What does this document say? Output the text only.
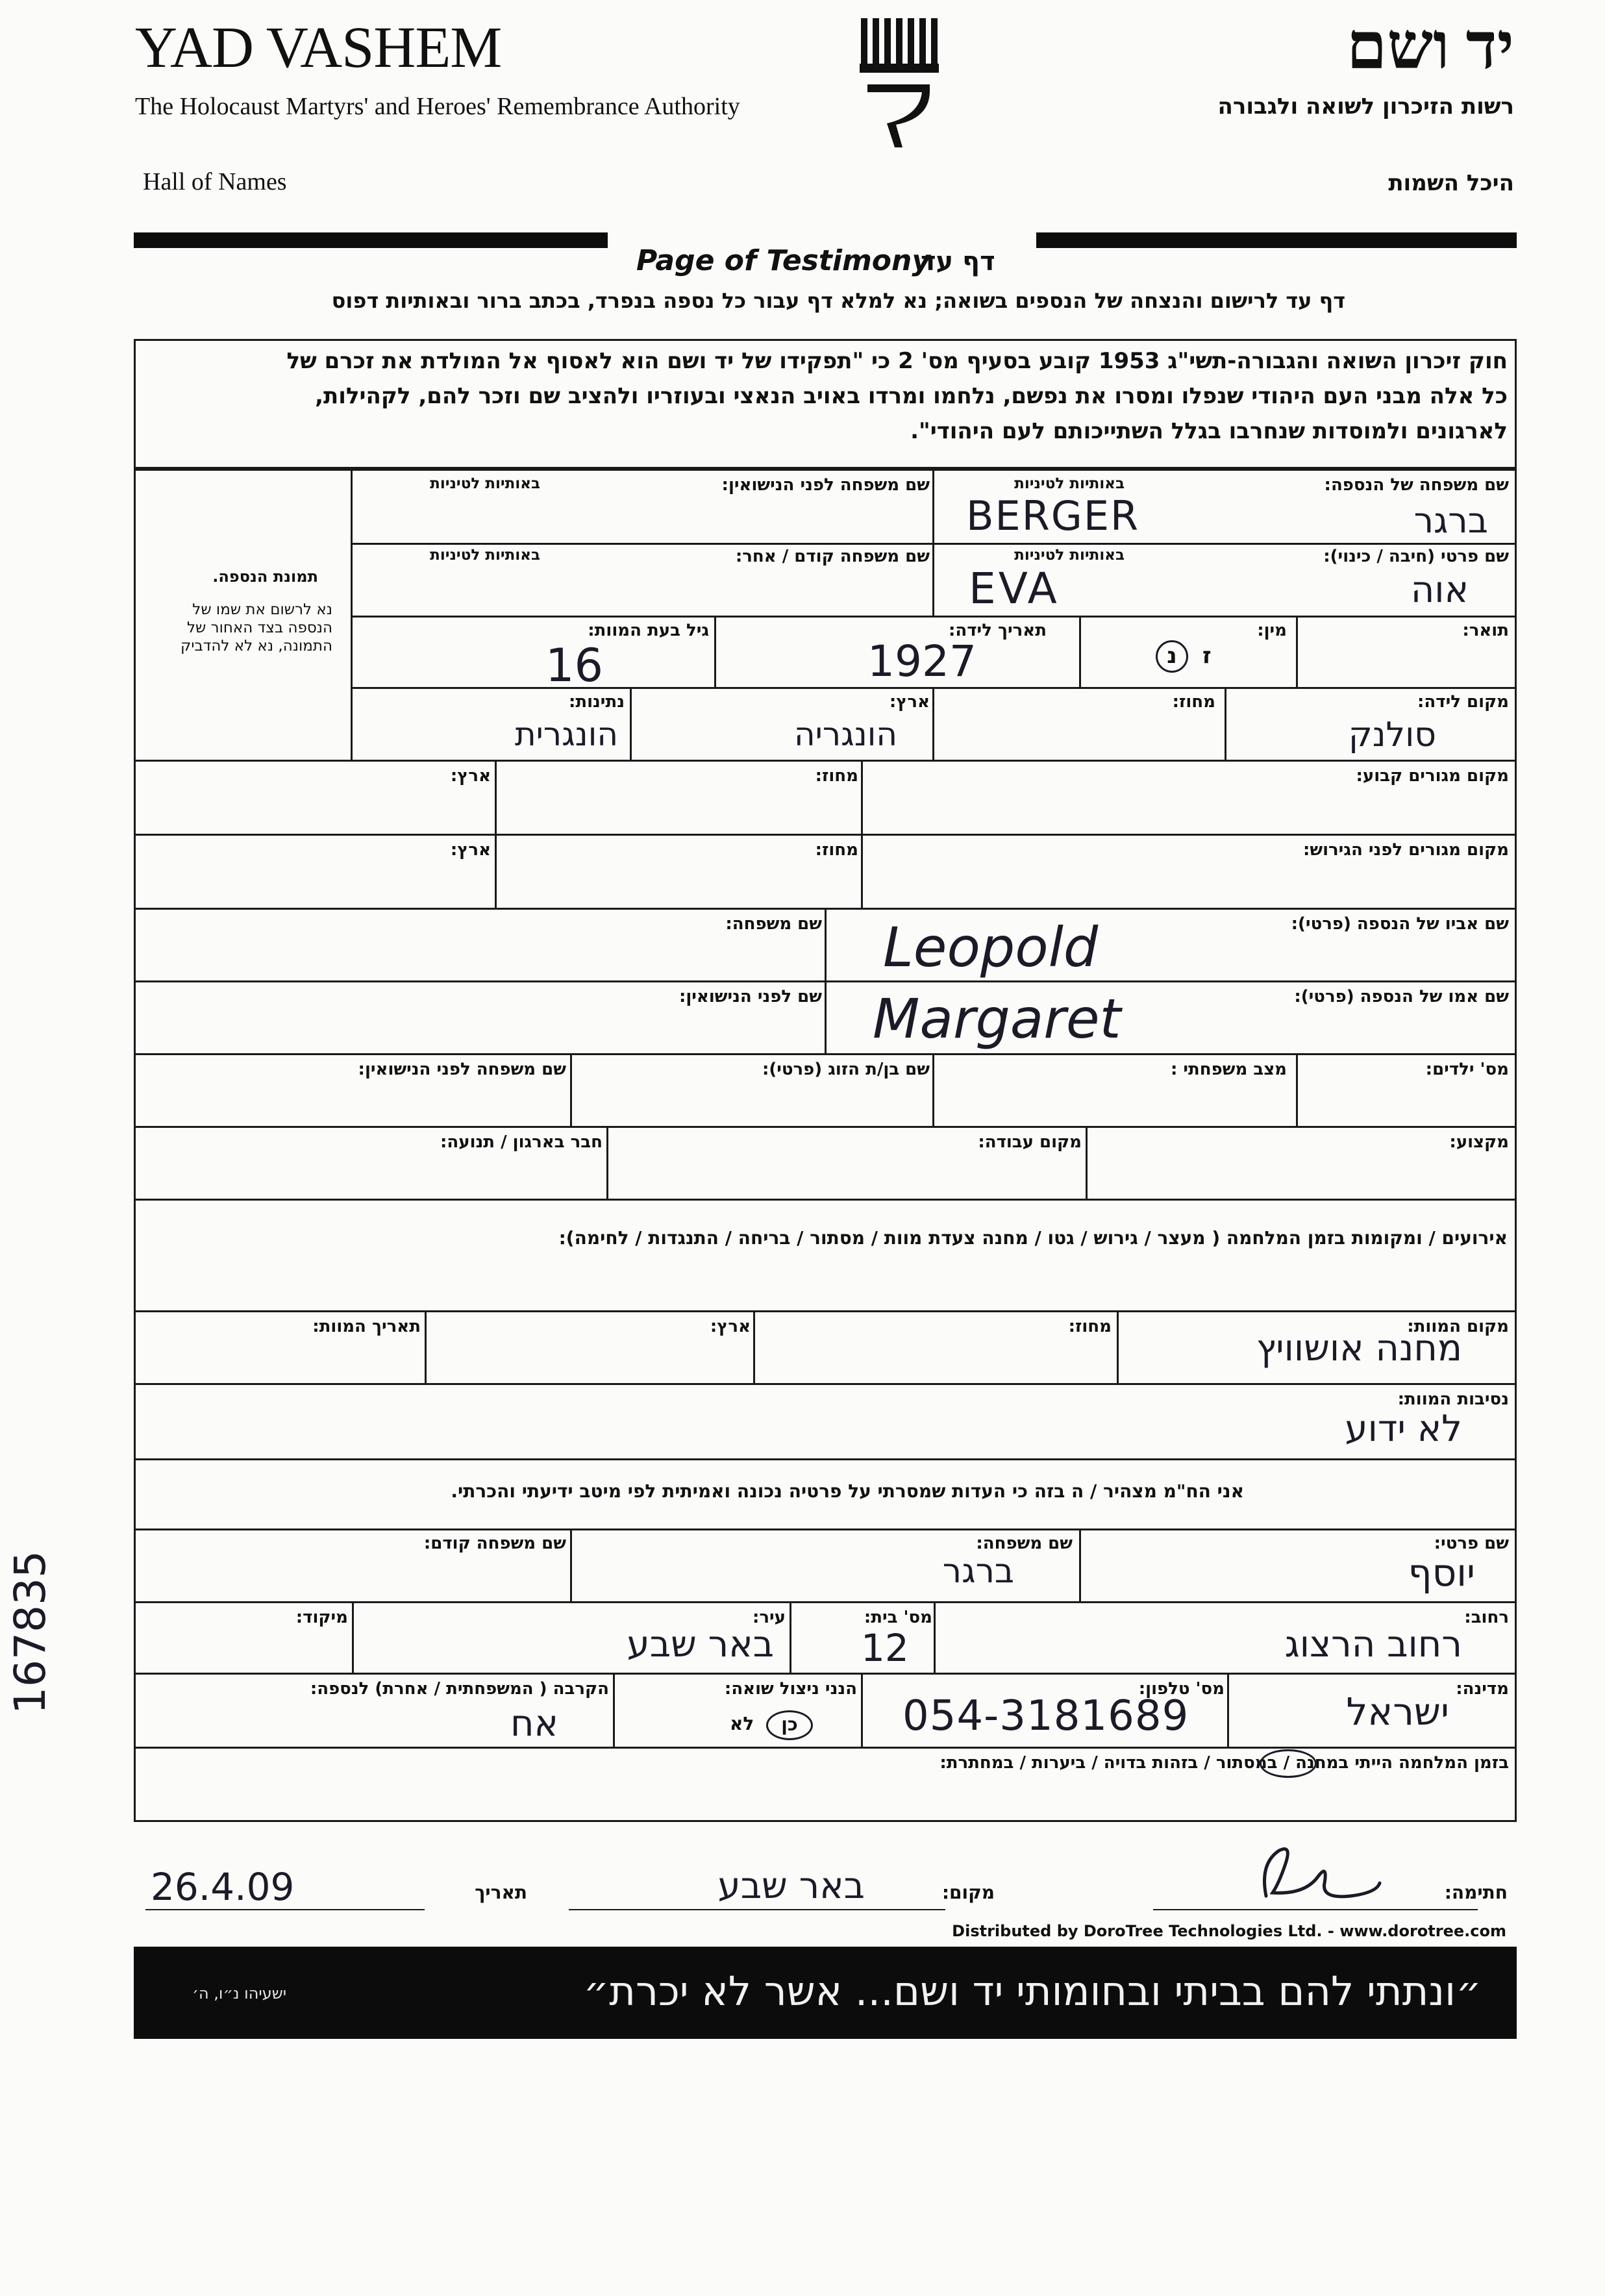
YAD VASHEM
The Holocaust Martyrs' and Heroes' Remembrance Authority
Hall of Names
יד ושם
רשות הזיכרון לשואה ולגבורה
היכל השמות
Page of Testimony
דף עד
דף עד לרישום והנצחה של הנספים בשואה; נא למלא דף עבור כל נספה בנפרד, בכתב ברור ובאותיות דפוס
חוק זיכרון השואה והגבורה-תשי"ג 1953 קובע בסעיף מס' 2 כי "תפקידו של יד ושם הוא לאסוף אל המולדת את זכרם של
כל אלה מבני העם היהודי שנפלו ומסרו את נפשם, נלחמו ומרדו באויב הנאצי ובעוזריו ולהציב שם וזכר להם, לקהילות,
לארגונים ולמוסדות שנחרבו בגלל השתייכותם לעם היהודי".
תמונת הנספה.
נא לרשום את שמו של
הנספה בצד האחור של
התמונה, נא לא להדביק
שם משפחה של הנספה:
באותיות לטיניות
שם משפחה לפני הנישואין:
באותיות לטיניות
ברגר
BERGER
שם פרטי (חיבה / כינוי):
באותיות לטיניות
שם משפחה קודם / אחר:
באותיות לטיניות
אוה
EVA
תואר:
מין:
נ	ז
תאריך לידה:
1927
גיל בעת המוות:
16
מקום לידה:
סולנק
מחוז:
ארץ:
הונגריה
נתינות:
הונגרית
מקום מגורים קבוע:
מחוז:
ארץ:
מקום מגורים לפני הגירוש:
מחוז:
ארץ:
שם אביו של הנספה (פרטי):
Leopold
שם משפחה:
שם אמו של הנספה (פרטי):
Margaret
שם לפני הנישואין:
מס' ילדים:
מצב משפחתי :
שם בן/ת הזוג (פרטי):
שם משפחה לפני הנישואין:
מקצוע:
מקום עבודה:
חבר בארגון / תנועה:
אירועים / ומקומות בזמן המלחמה ( מעצר / גירוש / גטו / מחנה צעדת מוות / מסתור / בריחה / התנגדות / לחימה):
מקום המוות:
מחנה אושוויץ
מחוז:
ארץ:
תאריך המוות:
נסיבות המוות:
לא ידוע
אני הח"מ מצהיר / ה בזה כי העדות שמסרתי על פרטיה נכונה ואמיתית לפי מיטב ידיעתי והכרתי.
שם פרטי:
יוסף
שם משפחה:
ברגר
שם משפחה קודם:
רחוב:
רחוב הרצוג
מס' בית:
12
עיר:
באר שבע
מיקוד:
מדינה:
ישראל
מס' טלפון:
054-3181689
הנני ניצול שואה:
כן
לא
הקרבה ( המשפחתית / אחרת) לנספה:
אח
בזמן המלחמה הייתי במחנה / במסתור / בזהות בדויה / ביערות / במחתרת:
חתימה:
מקום:
באר שבע
תאריך
26.4.09
167835
Distributed by DoroTree Technologies Ltd. - www.dorotree.com
״ונתתי להם בביתי ובחומותי יד ושם... אשר לא יכרת״
ישעיהו נ״ו, ה׳
